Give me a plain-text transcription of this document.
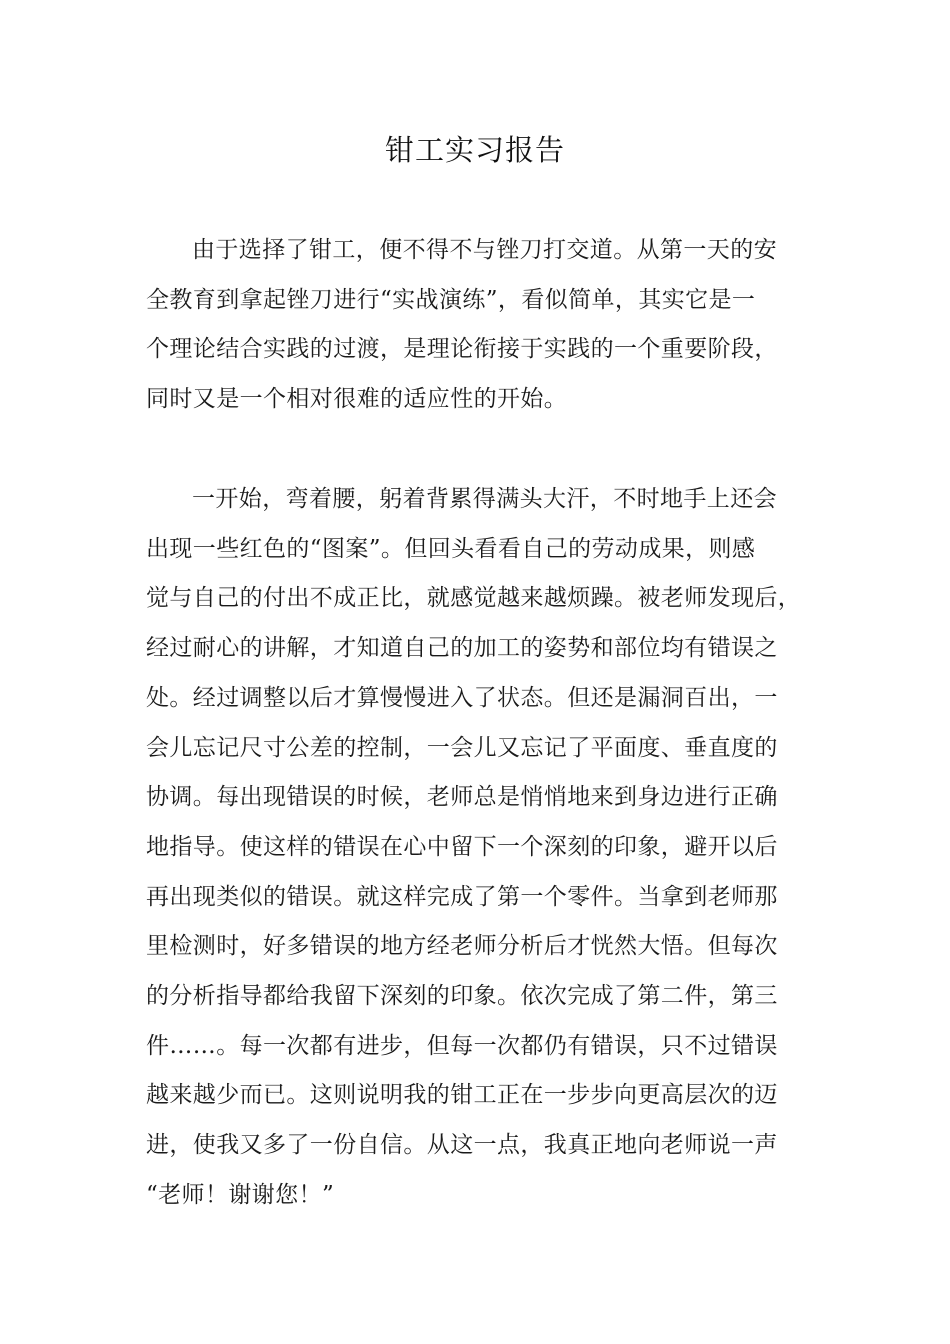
钳工实习报告
由于选择了钳工，便不得不与锉刀打交道。从第一天的安
全教育到拿起锉刀进行“实战演练”，看似简单，其实它是一
个理论结合实践的过渡，是理论衔接于实践的一个重要阶段，
同时又是一个相对很难的适应性的开始。
一开始，弯着腰，躬着背累得满头大汗，不时地手上还会
出现一些红色的“图案”。但回头看看自己的劳动成果，则感
觉与自己的付出不成正比，就感觉越来越烦躁。被老师发现后，
经过耐心的讲解，才知道自己的加工的姿势和部位均有错误之
处。经过调整以后才算慢慢进入了状态。但还是漏洞百出，一
会儿忘记尺寸公差的控制，一会儿又忘记了平面度、垂直度的
协调。每出现错误的时候，老师总是悄悄地来到身边进行正确
地指导。使这样的错误在心中留下一个深刻的印象，避开以后
再出现类似的错误。就这样完成了第一个零件。当拿到老师那
里检测时，好多错误的地方经老师分析后才恍然大悟。但每次
的分析指导都给我留下深刻的印象。依次完成了第二件，第三
件……。每一次都有进步，但每一次都仍有错误，只不过错误
越来越少而已。这则说明我的钳工正在一步步向更高层次的迈
进，使我又多了一份自信。从这一点，我真正地向老师说一声
“老师！谢谢您！”
